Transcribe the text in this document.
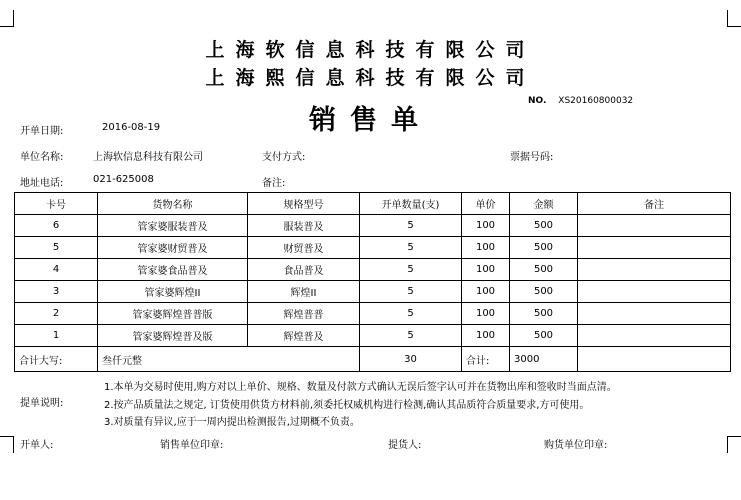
上海软信息科技有限公司
上海熙信息科技有限公司
销售单
NO. XS20160800032
开单日期:	2016-08-19
单位名称:	上海软信息科技有限公司	支付方式:	票据号码:
地址电话:	021-625008	备注:
卡号	货物名称	规格型号	开单数量(支)	单价	金额	备注
6	管家婆服装普及	服装普及	5	100	500	
5	管家婆财贸普及	财贸普及	5	100	500	
4	管家婆食品普及	食品普及	5	100	500	
3	管家婆辉煌II	辉煌II	5	100	500	
2	管家婆辉煌普普版	辉煌普普	5	100	500	
1	管家婆辉煌普及版	辉煌普及	5	100	500	
合计大写:	叁仟元整		30	合计:	3000	
提单说明:
1.本单为交易时使用,购方对以上单价、规格、数量及付款方式确认无误后签字认可并在货物出库和签收时当面点清。
2.按产品质量法之规定, 订货使用供货方材料前,须委托权威机构进行检测,确认其品质符合质量要求,方可使用。
3.对质量有异议,应于一周内提出检测报告,过期概不负责。
开单人:	销售单位印章:	提货人:	购货单位印章:
